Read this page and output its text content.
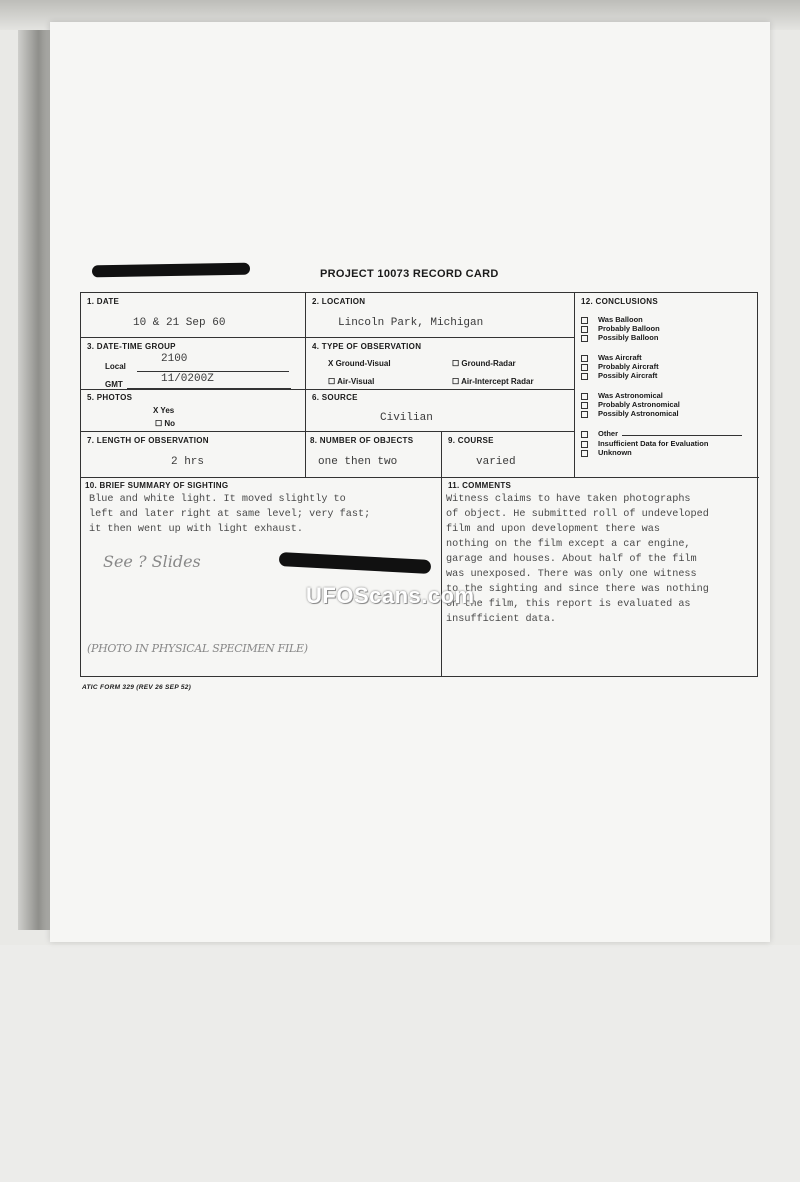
PROJECT 10073 RECORD CARD
1. DATE
10 & 21 Sep 60
2. LOCATION
Lincoln Park, Michigan
3. DATE-TIME GROUP
Local
2100
GMT	11/0200Z
4. TYPE OF OBSERVATION
X Ground-Visual	☐ Ground-Radar
☐ Air-Visual	☐ Air-Intercept Radar
5. PHOTOS
X Yes
☐ No
6. SOURCE
Civilian
7. LENGTH OF OBSERVATION
2 hrs
8. NUMBER OF OBJECTS
one then two
9. COURSE
varied
12. CONCLUSIONS
Was Balloon
Probably Balloon
Possibly Balloon
Was Aircraft
Probably Aircraft
Possibly Aircraft
Was Astronomical
Probably Astronomical
Possibly Astronomical
Other
Insufficient Data for Evaluation
Unknown
10. BRIEF SUMMARY OF SIGHTING
Blue and white light. It moved slightly to
left and later right at same level; very fast;
it then went up with light exhaust.
See ? Slides
(PHOTO IN PHYSICAL SPECIMEN FILE)
11. COMMENTS
Witness claims to have taken photographs
of object. He submitted roll of undeveloped
film and upon development there was
nothing on the film except a car engine,
garage and houses. About half of the film
was unexposed. There was only one witness
to the sighting and since there was nothing
on the film, this report is evaluated as
insufficient data.
UFOScans.com
ATIC FORM 329 (REV 26 SEP 52)
